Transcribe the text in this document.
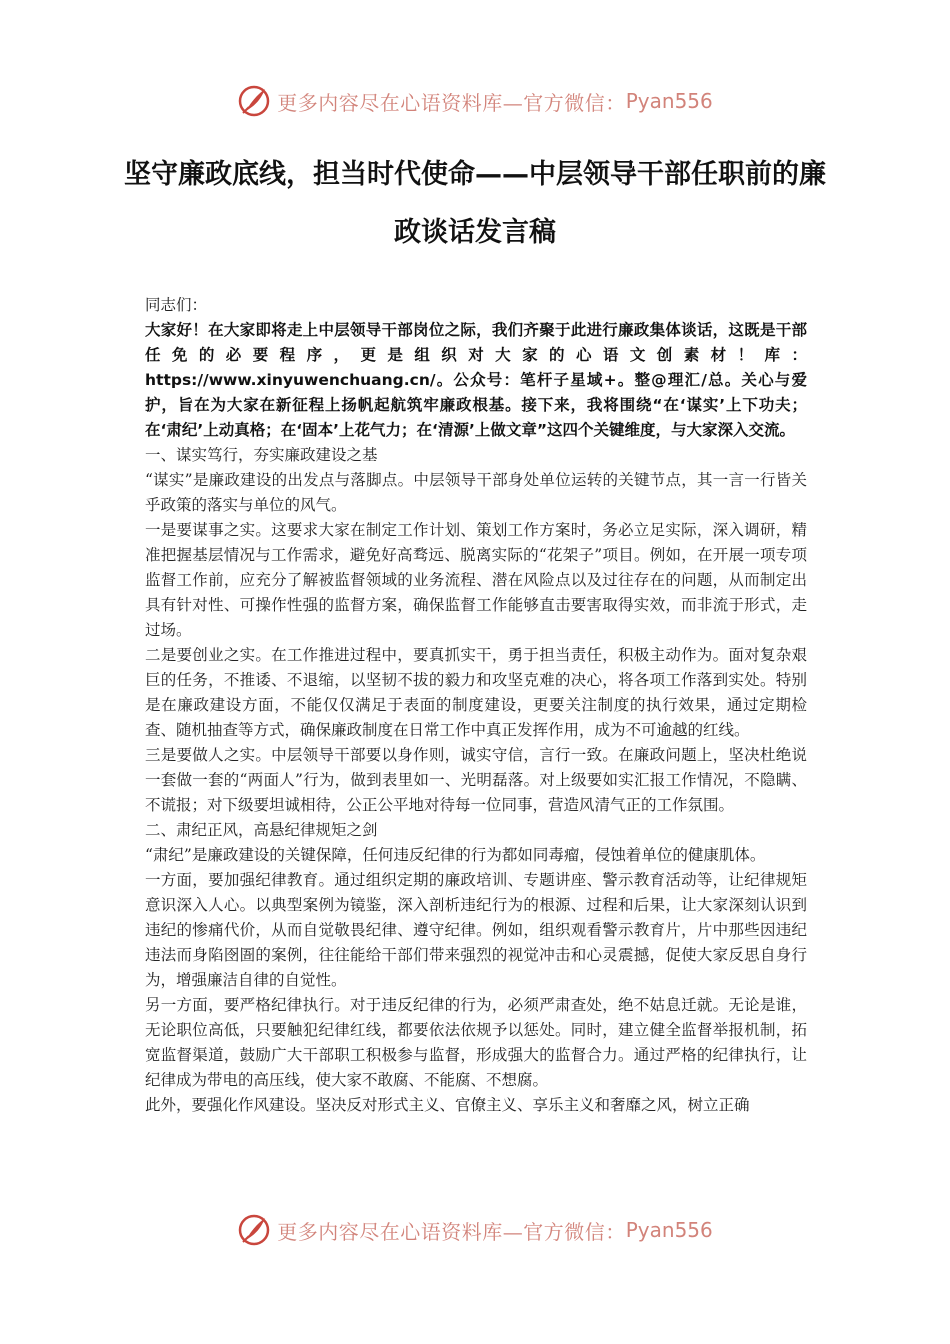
更多内容尽在心语资料库—官方微信： Pyan556
坚守廉政底线，担当时代使命——中层领导干部任职前的廉政谈话发言稿

同志们：

大家好！在大家即将走上中层领导干部岗位之际，我们齐聚于此进行廉政集体谈话，这既是干部任免的必要程序，更是组织对大家的心语文创素材！库：https://www.xinyuwenchuang.cn/。公众号：笔杆子星域+。整@理汇/总。关心与爱护，旨在为大家在新征程上扬帆起航筑牢廉政根基。接下来，我将围绕“在‘谋实’上下功夫；在‘肃纪’上动真格；在‘固本’上花气力；在‘清源’上做文章”这四个关键维度，与大家深入交流。

一、谋实笃行，夯实廉政建设之基

“谋实”是廉政建设的出发点与落脚点。中层领导干部身处单位运转的关键节点，其一言一行皆关乎政策的落实与单位的风气。

一是要谋事之实。这要求大家在制定工作计划、策划工作方案时，务必立足实际，深入调研，精准把握基层情况与工作需求，避免好高骛远、脱离实际的“花架子”项目。例如，在开展一项专项监督工作前，应充分了解被监督领域的业务流程、潜在风险点以及过往存在的问题，从而制定出具有针对性、可操作性强的监督方案，确保监督工作能够直击要害取得实效，而非流于形式，走过场。

二是要创业之实。在工作推进过程中，要真抓实干，勇于担当责任，积极主动作为。面对复杂艰巨的任务，不推诿、不退缩，以坚韧不拔的毅力和攻坚克难的决心，将各项工作落到实处。特别是在廉政建设方面，不能仅仅满足于表面的制度建设，更要关注制度的执行效果，通过定期检查、随机抽查等方式，确保廉政制度在日常工作中真正发挥作用，成为不可逾越的红线。

三是要做人之实。中层领导干部要以身作则，诚实守信，言行一致。在廉政问题上，坚决杜绝说一套做一套的“两面人”行为，做到表里如一、光明磊落。对上级要如实汇报工作情况，不隐瞒、不谎报；对下级要坦诚相待，公正公平地对待每一位同事，营造风清气正的工作氛围。

二、肃纪正风，高悬纪律规矩之剑

“肃纪”是廉政建设的关键保障，任何违反纪律的行为都如同毒瘤，侵蚀着单位的健康肌体。

一方面，要加强纪律教育。通过组织定期的廉政培训、专题讲座、警示教育活动等，让纪律规矩意识深入人心。以典型案例为镜鉴，深入剖析违纪行为的根源、过程和后果，让大家深刻认识到违纪的惨痛代价，从而自觉敬畏纪律、遵守纪律。例如，组织观看警示教育片，片中那些因违纪违法而身陷囹圄的案例，往往能给干部们带来强烈的视觉冲击和心灵震撼，促使大家反思自身行为，增强廉洁自律的自觉性。

另一方面，要严格纪律执行。对于违反纪律的行为，必须严肃查处，绝不姑息迁就。无论是谁，无论职位高低，只要触犯纪律红线，都要依法依规予以惩处。同时，建立健全监督举报机制，拓宽监督渠道，鼓励广大干部职工积极参与监督，形成强大的监督合力。通过严格的纪律执行，让纪律成为带电的高压线，使大家不敢腐、不能腐、不想腐。

此外，要强化作风建设。坚决反对形式主义、官僚主义、享乐主义和奢靡之风，树立正确

更多内容尽在心语资料库—官方微信： Pyan556
